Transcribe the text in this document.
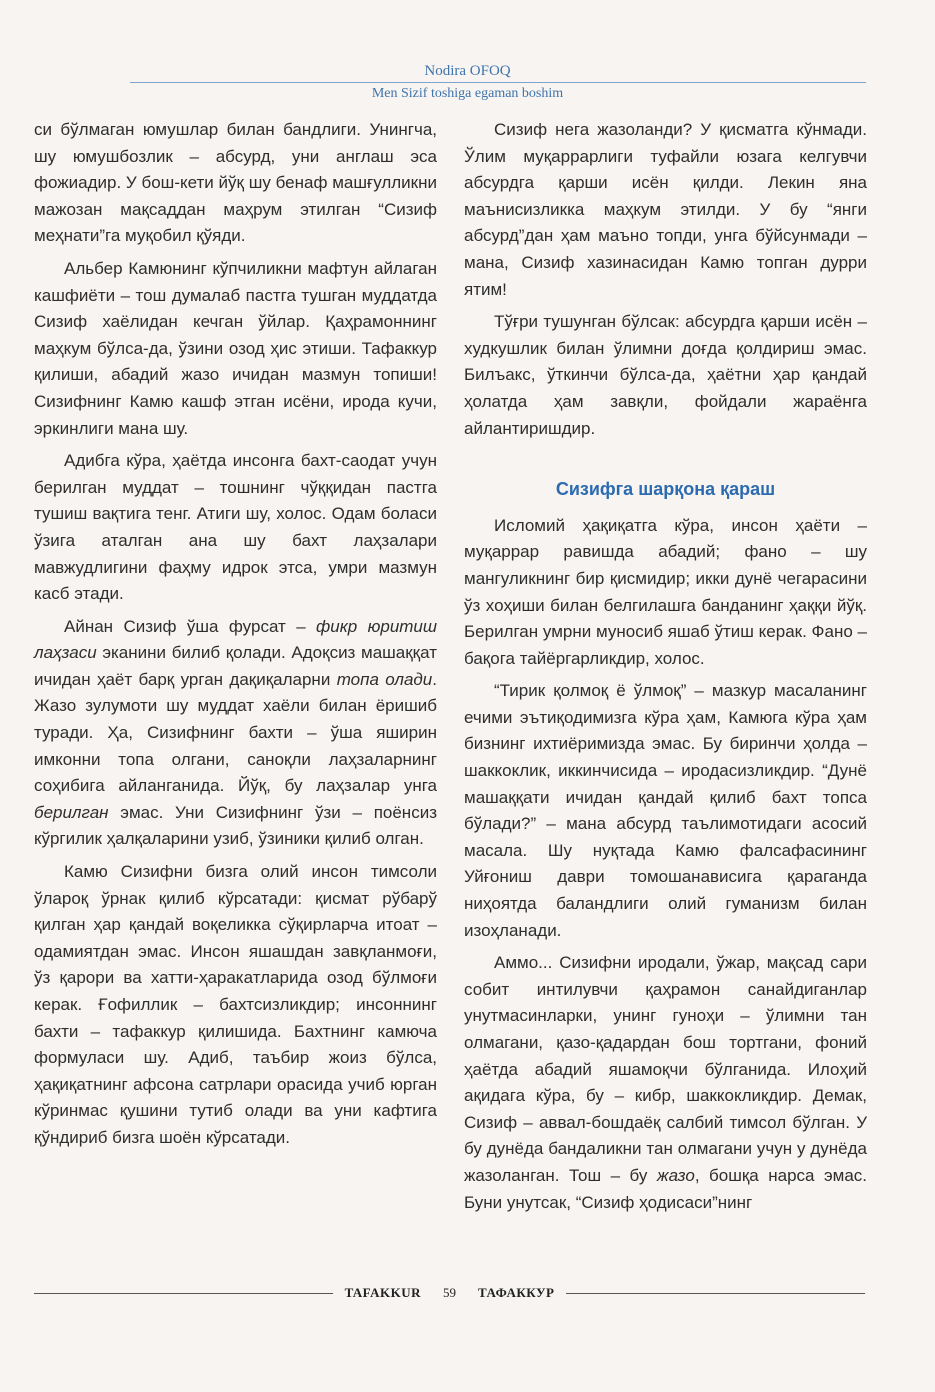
Nodira OFOQ
Men Sizif toshiga egaman boshim

си бўлмаган юмушлар билан бандлиги. Унингча, шу юмушбозлик – абсурд, уни англаш эса фожиадир. У бош-кети йўқ шу бенаф машғулликни мажозан мақсаддан маҳрум этилган “Сизиф меҳнати”га муқобил қўяди.

Альбер Камюнинг кўпчиликни мафтун айлаган кашфиёти – тош думалаб пастга тушган муддатда Сизиф хаёлидан кечган ўйлар. Қаҳрамоннинг маҳкум бўлса-да, ўзини озод ҳис этиши. Тафаккур қилиши, абадий жазо ичидан мазмун топиши! Сизифнинг Камю кашф этган исёни, ирода кучи, эркинлиги мана шу.

Адибга кўра, ҳаётда инсонга бахт-саодат учун берилган муддат – тошнинг чўққидан пастга тушиш вақтига тенг. Атиги шу, холос. Одам боласи ўзига аталган ана шу бахт лаҳзалари мавжудлигини фаҳму идрок этса, умри мазмун касб этади.

Айнан Сизиф ўша фурсат – фикр юритиш лаҳзаси эканини билиб қолади. Адоқсиз машаққат ичидан ҳаёт барқ урган дақиқаларни топа олади. Жазо зулумоти шу муддат хаёли билан ёришиб туради. Ҳа, Сизифнинг бахти – ўша яширин имконни топа олгани, саноқли лаҳзаларнинг соҳибига айланганида. Йўқ, бу лаҳзалар унга берилган эмас. Уни Сизифнинг ўзи – поёнсиз кўргилик ҳалқаларини узиб, ўзиники қилиб олган.

Камю Сизифни бизга олий инсон тимсоли ўлароқ ўрнак қилиб кўрсатади: қисмат рўбарў қилган ҳар қандай воқеликка сўқирларча итоат – одамиятдан эмас. Инсон яшашдан завқланмоғи, ўз қарори ва хатти-ҳаракатларида озод бўлмоғи керак. Ғофиллик – бахтсизликдир; инсоннинг бахти – тафаккур қилишида. Бахтнинг камюча формуласи шу. Адиб, таъбир жоиз бўлса, ҳақиқатнинг афсона сатрлари орасида учиб юрган кўринмас қушини тутиб олади ва уни кафтига қўндириб бизга шоён кўрсатади.

Сизиф нега жазоланди? У қисматга кўнмади. Ўлим муқаррарлиги туфайли юзага келгувчи абсурдга қарши исён қилди. Лекин яна маънисизликка маҳкум этилди. У бу “янги абсурд”дан ҳам маъно топди, унга бўйсунмади – мана, Сизиф хазинасидан Камю топган дурри ятим!

Тўғри тушунган бўлсак: абсурдга қарши исён – худкушлик билан ўлимни доғда қолдириш эмас. Билъакс, ўткинчи бўлса-да, ҳаётни ҳар қандай ҳолатда ҳам завқли, фойдали жараёнга айлантиришдир.

Сизифга шарқона қараш

Исломий ҳақиқатга кўра, инсон ҳаёти – муқаррар равишда абадий; фано – шу мангуликнинг бир қисмидир; икки дунё чегарасини ўз хоҳиши билан белгилашга банданинг ҳаққи йўқ. Берилган умрни муносиб яшаб ўтиш керак. Фано – бақога тайёргарликдир, холос.

“Тирик қолмоқ ё ўлмоқ” – мазкур масаланинг ечими эътиқодимизга кўра ҳам, Камюга кўра ҳам бизнинг ихтиёримизда эмас. Бу биринчи ҳолда – шаккоклик, иккинчисида – иродасизликдир. “Дунё машаққати ичидан қандай қилиб бахт топса бўлади?” – мана абсурд таълимотидаги асосий масала. Шу нуқтада Камю фалсафасининг Уйғониш даври томошанависига қараганда ниҳоятда баландлиги олий гуманизм билан изоҳланади.

Аммо... Сизифни иродали, ўжар, мақсад сари собит интилувчи қаҳрамон санайдиганлар унутмасинларки, унинг гуноҳи – ўлимни тан олмагани, қазо-қадардан бош тортгани, фоний ҳаётда абадий яшамоқчи бўлганида. Илоҳий ақидага кўра, бу – кибр, шаккокликдир. Демак, Сизиф – аввал-бошдаёқ салбий тимсол бўлган. У бу дунёда бандаликни тан олмагани учун у дунёда жазоланган. Тош – бу жазо, бошқа нарса эмас. Буни унутсак, “Сизиф ҳодисаси”нинг

TAFAKKUR	59	ТАФАККУР
